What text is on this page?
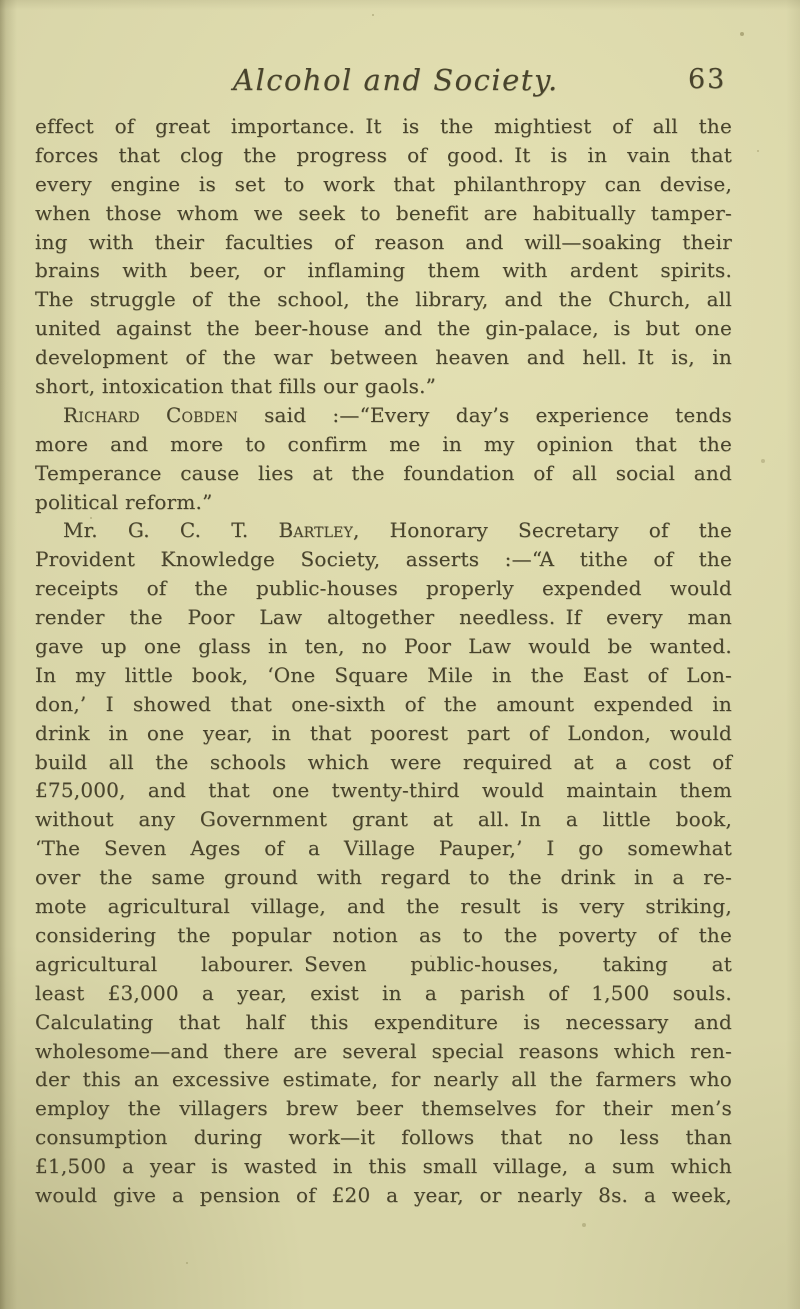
Alcohol and Society.	63
effect of great importance. It is the mightiest of all the
forces that clog the progress of good. It is in vain that
every engine is set to work that philanthropy can devise,
when those whom we seek to benefit are habitually tamper-
ing with their faculties of reason and will—soaking their
brains with beer, or inflaming them with ardent spirits.
The struggle of the school, the library, and the Church, all
united against the beer-house and the gin-palace, is but one
development of the war between heaven and hell. It is, in
short, intoxication that fills our gaols.”
Richard Cobden said :—“Every day’s experience tends
more and more to confirm me in my opinion that the
Temperance cause lies at the foundation of all social and
political reform.”
Mr. G. C. T. Bartley, Honorary Secretary of the
Provident Knowledge Society, asserts :—“A tithe of the
receipts of the public-houses properly expended would
render the Poor Law altogether needless. If every man
gave up one glass in ten, no Poor Law would be wanted.
In my little book, ‘One Square Mile in the East of Lon-
don,’ I showed that one-sixth of the amount expended in
drink in one year, in that poorest part of London, would
build all the schools which were required at a cost of
£75,000, and that one twenty-third would maintain them
without any Government grant at all. In a little book,
‘The Seven Ages of a Village Pauper,’ I go somewhat
over the same ground with regard to the drink in a re-
mote agricultural village, and the result is very striking,
considering the popular notion as to the poverty of the
agricultural labourer. Seven public-houses, taking at
least £3,000 a year, exist in a parish of 1,500 souls.
Calculating that half this expenditure is necessary and
wholesome—and there are several special reasons which ren-
der this an excessive estimate, for nearly all the farmers who
employ the villagers brew beer themselves for their men’s
consumption during work—it follows that no less than
£1,500 a year is wasted in this small village, a sum which
would give a pension of £20 a year, or nearly 8s. a week,
